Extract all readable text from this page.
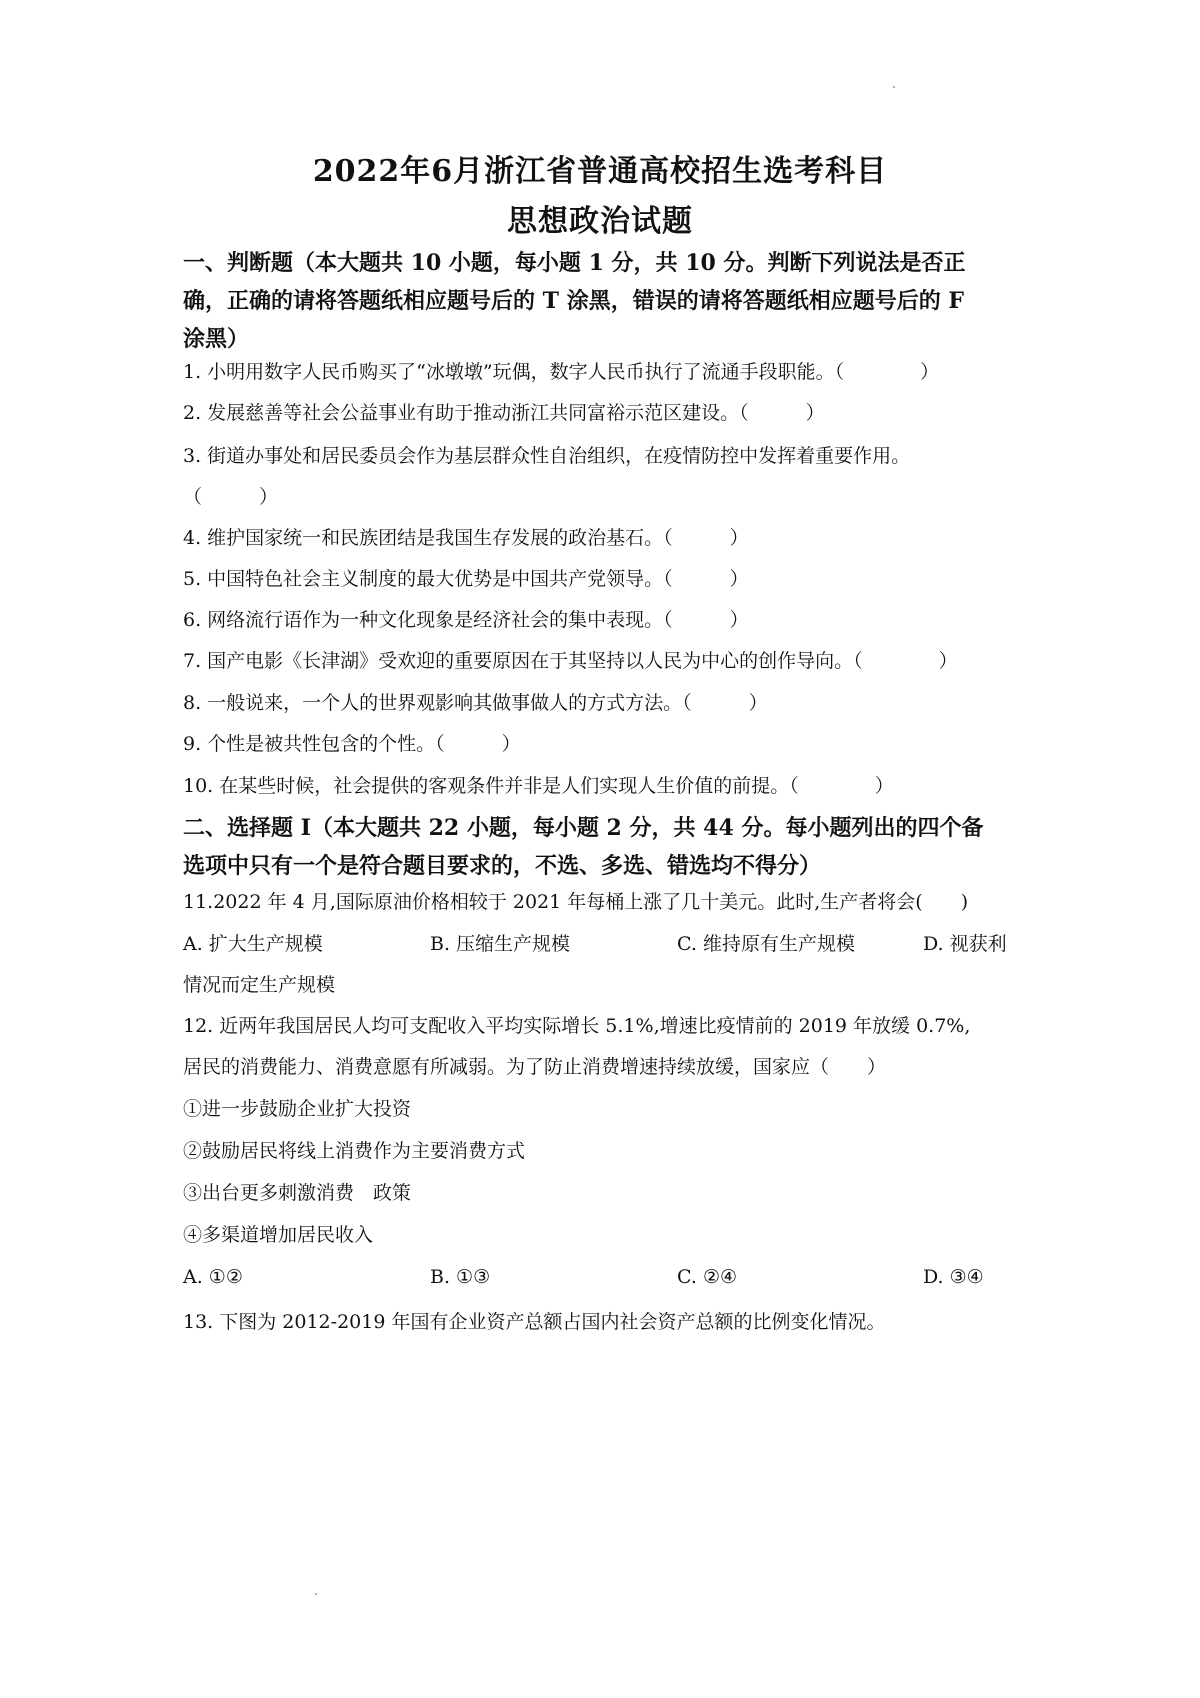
2022年6月浙江省普通高校招生选考科目
思想政治试题
一、判断题（本大题共 10 小题，每小题 1 分，共 10 分。判断下列说法是否正
确，正确的请将答题纸相应题号后的 T 涂黑，错误的请将答题纸相应题号后的 F
涂黑）
1. 小明用数字人民币购买了“冰墩墩”玩偶，数字人民币执行了流通手段职能。（　　　　）
2. 发展慈善等社会公益事业有助于推动浙江共同富裕示范区建设。（　　　）
3. 街道办事处和居民委员会作为基层群众性自治组织，在疫情防控中发挥着重要作用。
（　　　）
4. 维护国家统一和民族团结是我国生存发展的政治基石。（　　　）
5. 中国特色社会主义制度的最大优势是中国共产党领导。（　　　）
6. 网络流行语作为一种文化现象是经济社会的集中表现。（　　　）
7. 国产电影《长津湖》受欢迎的重要原因在于其坚持以人民为中心的创作导向。（　　　　）
8. 一般说来，一个人的世界观影响其做事做人的方式方法。（　　　）
9. 个性是被共性包含的个性。（　　　）
10. 在某些时候，社会提供的客观条件并非是人们实现人生价值的前提。（　　　　）
二、选择题 I（本大题共 22 小题，每小题 2 分，共 44 分。每小题列出的四个备
选项中只有一个是符合题目要求的，不选、多选、错选均不得分）
11.2022 年 4 月,国际原油价格相较于 2021 年每桶上涨了几十美元。此时,生产者将会(　　)
A. 扩大生产规模	B. 压缩生产规模	C. 维持原有生产规模	D. 视获利
情况而定生产规模
12. 近两年我国居民人均可支配收入平均实际增长 5.1%,增速比疫情前的 2019 年放缓 0.7%,
居民的消费能力、消费意愿有所减弱。为了防止消费增速持续放缓，国家应（　　）
①进一步鼓励企业扩大投资
②鼓励居民将线上消费作为主要消费方式
③出台更多刺激消费　政策
④多渠道增加居民收入
A. ①②	B. ①③	C. ②④	D. ③④
13. 下图为 2012-2019 年国有企业资产总额占国内社会资产总额的比例变化情况。
